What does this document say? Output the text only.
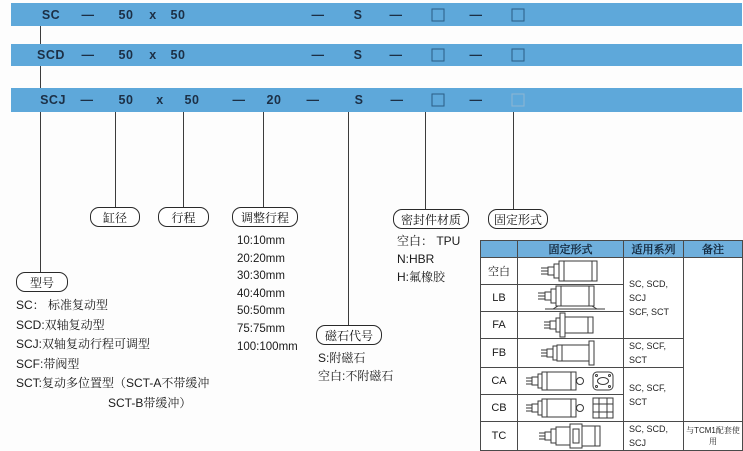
SC — 50 x 50	— S —	—
SCD — 50 x 50	— S —	—
SCJ — 50 x 50	— 20 —	S —	—
型号
缸径	行程	调整行程
磁石代号
密封件材质	固定形式
SC： 标准复动型
SCD:双轴复动型
SCJ:双轴复动行程可调型
SCF:带阀型
SCT:复动多位置型（SCT-A不带缓冲
SCT-B带缓冲）
10:10mm
20:20mm
30:30mm
40:40mm
50:50mm
75:75mm
100:100mm
S:附磁石
空白:不附磁石
空白： TPU
N:HBR
H:氟橡胶
	固定形式	适用系列	备注
空白		SC, SCD, SCJ
SCF, SCT	

LB	

FA	

FB		SC, SCF, SCT	

CA		SC, SCF, SCT	

CB	

TC		SC, SCD, SCJ	与TCM1配套使用
